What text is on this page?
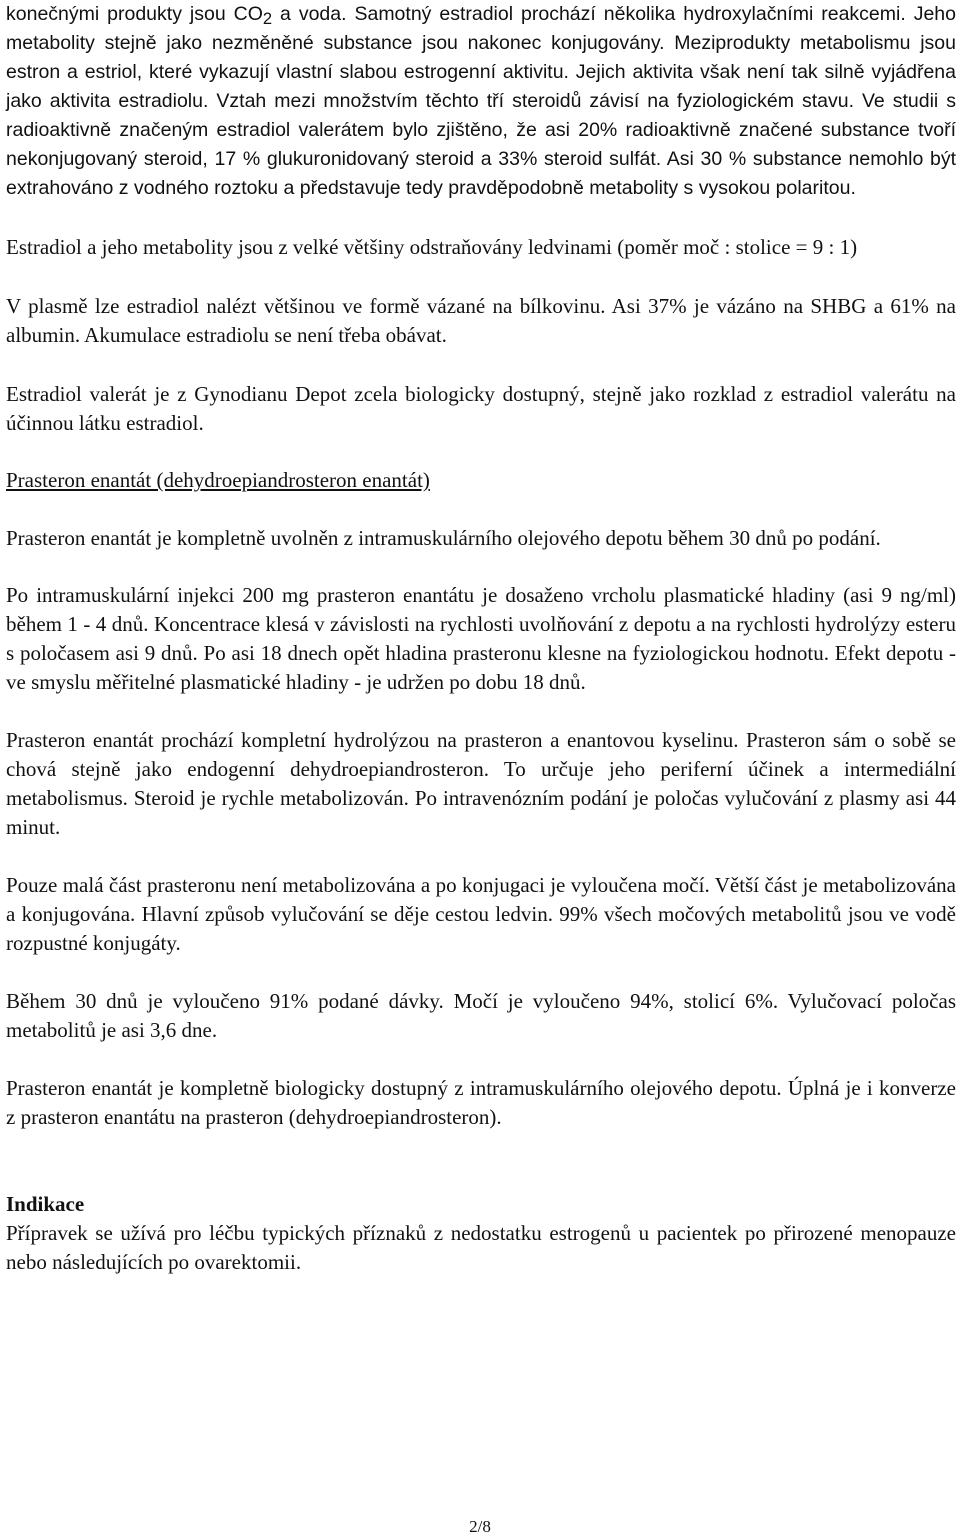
konečnými produkty jsou $CO_2$ a voda. Samotný estradiol prochází několika hydroxylačními reakcemi. Jeho metabolity stejně jako nezměněné substance jsou nakonec konjugovány. Meziprodukty metabolismu jsou estron a estriol, které vykazují vlastní slabou estrogenní aktivitu. Jejich aktivita však není tak silně vyjádřena jako aktivita estradiolu. Vztah mezi množstvím těchto tří steroidů závisí na fyziologickém stavu. Ve studii s radioaktivně značeným estradiol valerátem bylo zjištěno, že asi 20% radioaktivně značené substance tvoří nekonjugovaný steroid, 17 % glukuronidovaný steroid a 33% steroid sulfát. Asi 30 % substance nemohlo být extrahováno z vodného roztoku a představuje tedy pravděpodobně metabolity s vysokou polaritou.

Estradiol a jeho metabolity jsou z velké většiny odstraňovány ledvinami (poměr moč : stolice = 9 : 1)

V plasmě lze estradiol nalézt většinou ve formě vázané na bílkovinu. Asi 37% je vázáno na SHBG a 61% na albumin. Akumulace estradiolu se není třeba obávat.

Estradiol valerát je z Gynodianu Depot zcela biologicky dostupný, stejně jako rozklad z estradiol valerátu na účinnou látku estradiol.

Prasteron enantát (dehydroepiandrosteron enantát)

Prasteron enantát je kompletně uvolněn z intramuskulárního olejového depotu během 30 dnů po podání.

Po intramuskulární injekci 200 mg prasteron enantátu je dosaženo vrcholu plasmatické hladiny (asi 9 ng/ml) během 1 - 4 dnů. Koncentrace klesá v závislosti na rychlosti uvolňování z depotu a na rychlosti hydrolýzy esteru s poločasem asi 9 dnů. Po asi 18 dnech opět hladina prasteronu klesne na fyziologickou hodnotu. Efekt depotu - ve smyslu měřitelné plasmatické hladiny - je udržen po dobu 18 dnů.

Prasteron enantát prochází kompletní hydrolýzou na prasteron a enantovou kyselinu. Prasteron sám o sobě se chová stejně jako endogenní dehydroepiandrosteron. To určuje jeho periferní účinek a intermediální metabolismus. Steroid je rychle metabolizován. Po intravenózním podání je poločas vylučování z plasmy asi 44 minut.

Pouze malá část prasteronu není metabolizována a po konjugaci je vyloučena močí. Větší část je metabolizována a konjugována. Hlavní způsob vylučování se děje cestou ledvin. 99% všech močových metabolitů jsou ve vodě rozpustné konjugáty.

Během 30 dnů je vyloučeno 91% podané dávky. Močí je vyloučeno 94%, stolicí 6%. Vylučovací poločas metabolitů je asi 3,6 dne.

Prasteron enantát je kompletně biologicky dostupný z intramuskulárního olejového depotu. Úplná je i konverze z prasteron enantátu na prasteron (dehydroepiandrosteron).

Indikace

Přípravek se užívá pro léčbu typických příznaků z nedostatku estrogenů u pacientek po přirozené menopauze nebo následujících po ovarektomii.

2/8
